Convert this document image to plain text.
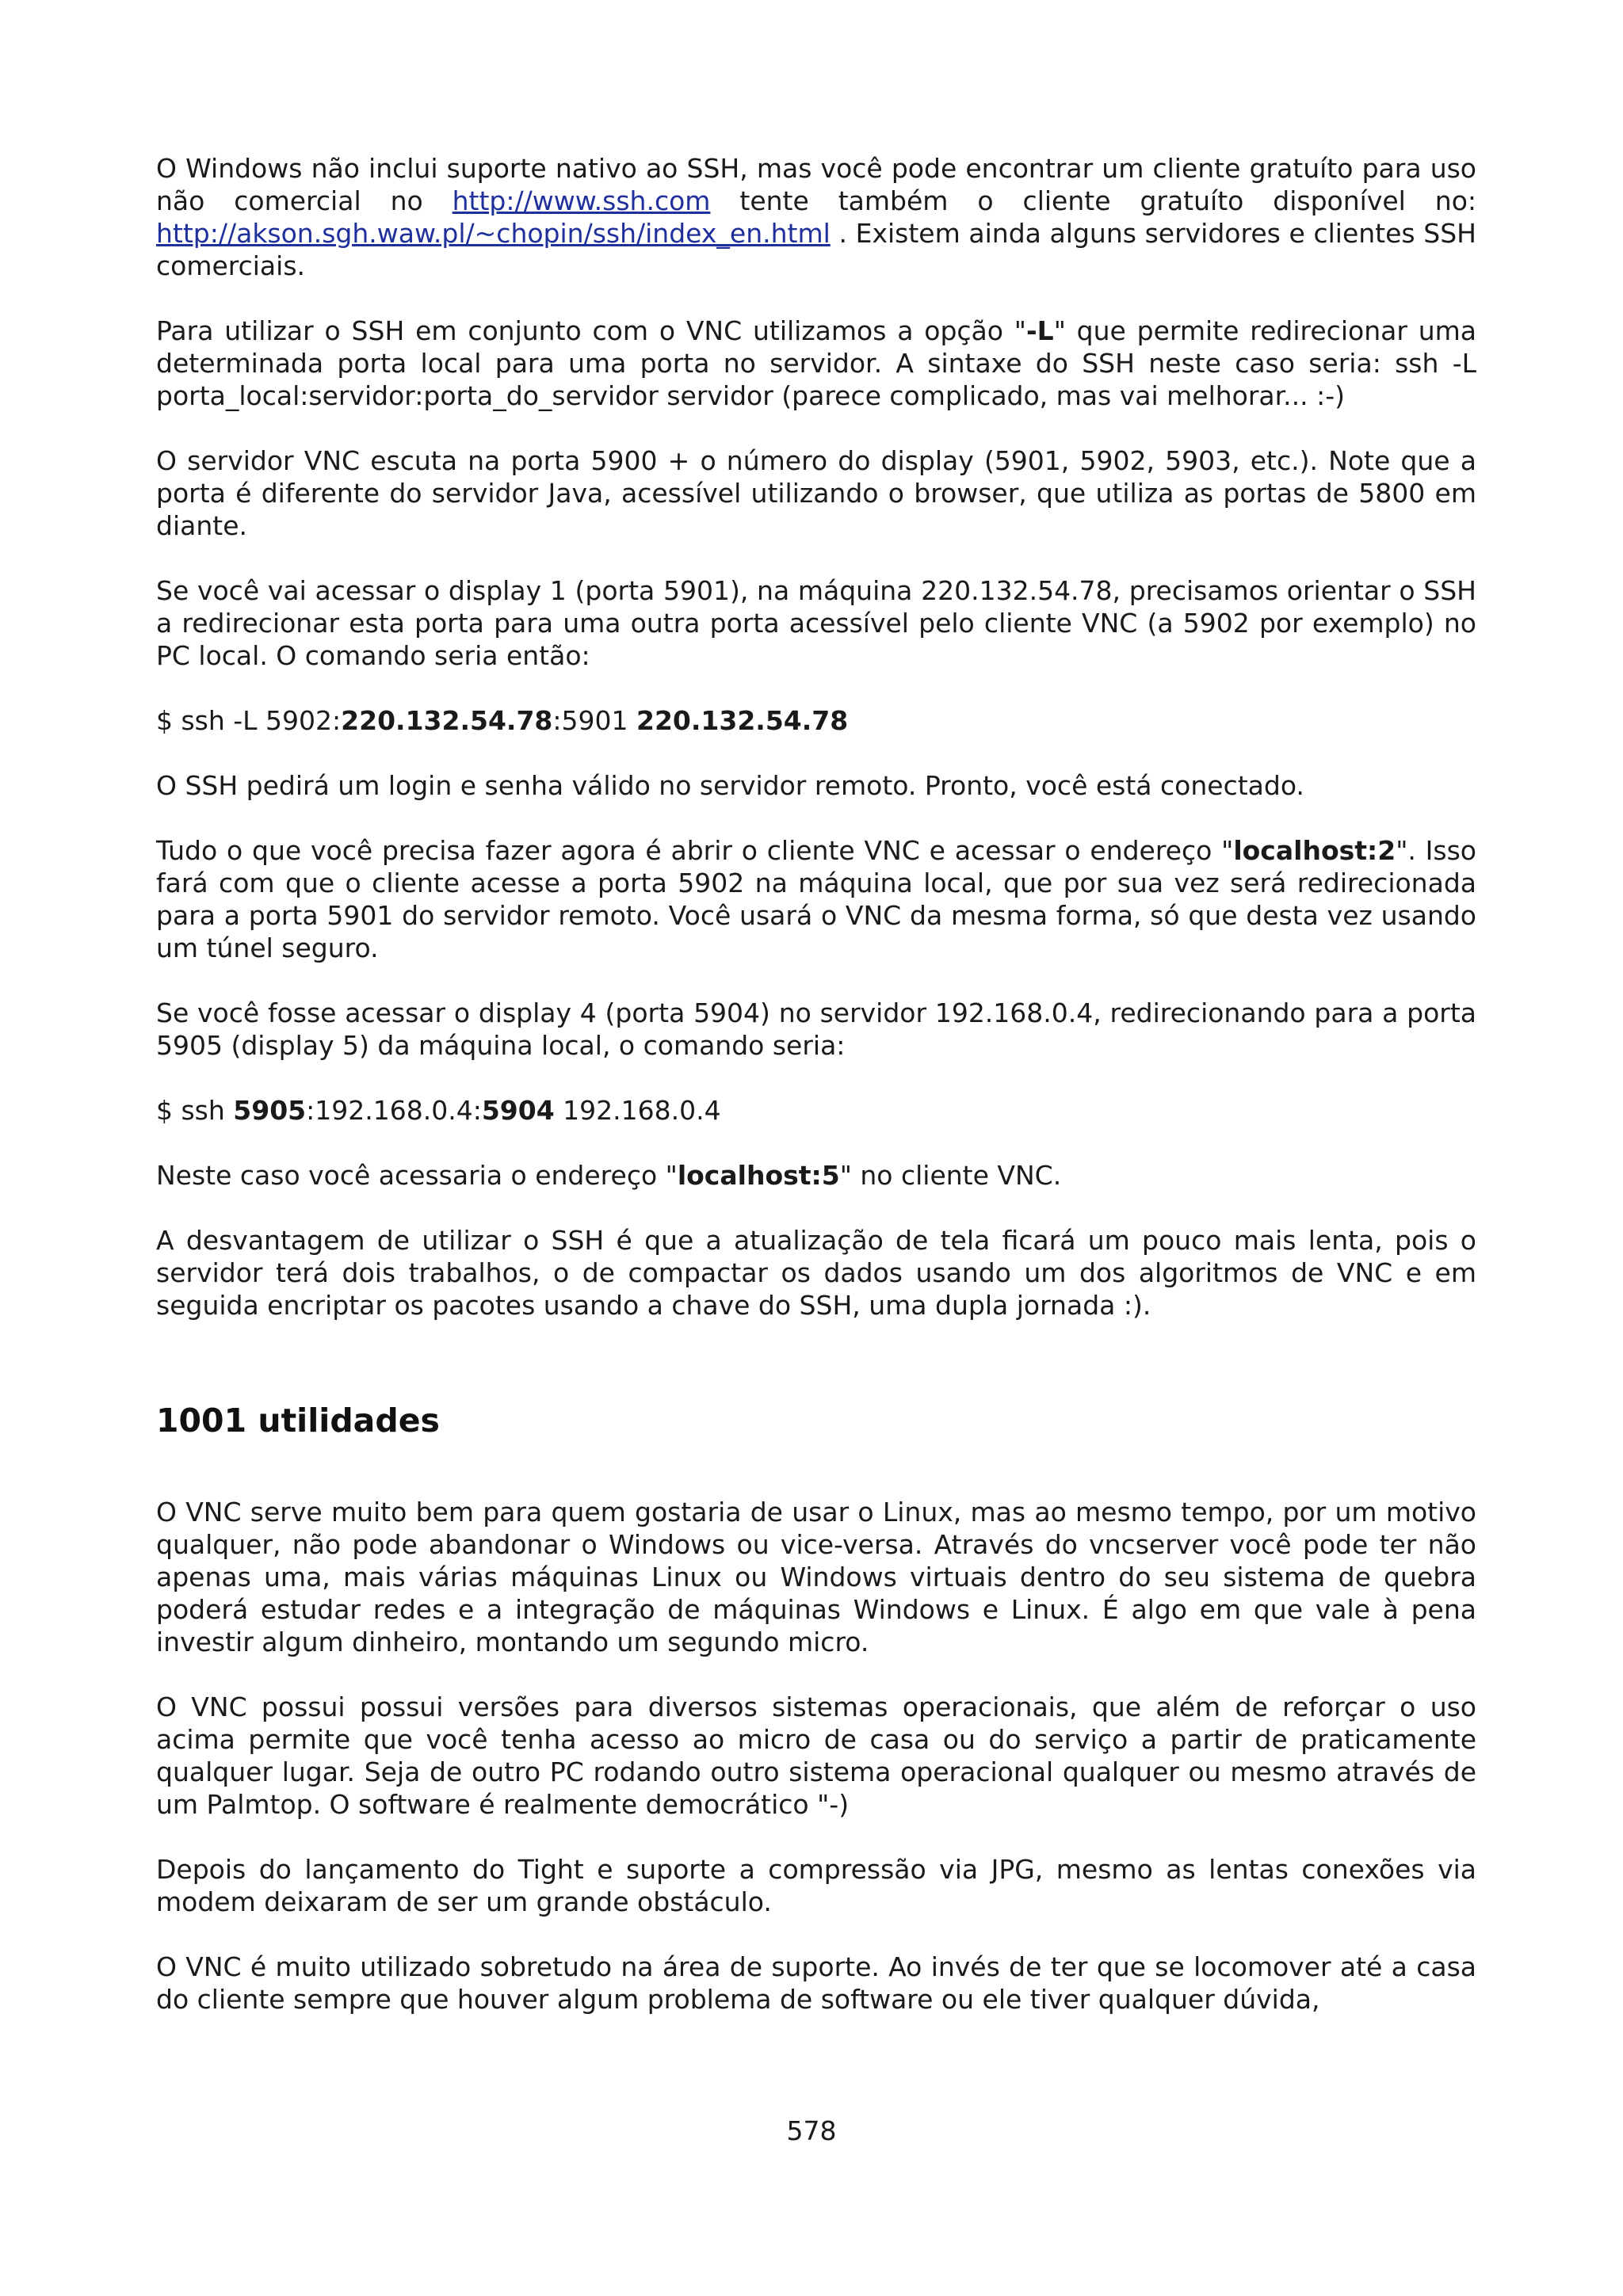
O Windows não inclui suporte nativo ao SSH, mas você pode encontrar um cliente gratuíto para uso não comercial no http://www.ssh.com tente também o cliente gratuíto disponível no: http://akson.sgh.waw.pl/~chopin/ssh/index_en.html . Existem ainda alguns servidores e clientes SSH comerciais.

Para utilizar o SSH em conjunto com o VNC utilizamos a opção "-L" que permite redirecionar uma determinada porta local para uma porta no servidor. A sintaxe do SSH neste caso seria: ssh -L porta_local:servidor:porta_do_servidor servidor (parece complicado, mas vai melhorar... :-)

O servidor VNC escuta na porta 5900 + o número do display (5901, 5902, 5903, etc.). Note que a porta é diferente do servidor Java, acessível utilizando o browser, que utiliza as portas de 5800 em diante.

Se você vai acessar o display 1 (porta 5901), na máquina 220.132.54.78, precisamos orientar o SSH a redirecionar esta porta para uma outra porta acessível pelo cliente VNC (a 5902 por exemplo) no PC local. O comando seria então:

$ ssh -L 5902:220.132.54.78:5901 220.132.54.78

O SSH pedirá um login e senha válido no servidor remoto. Pronto, você está conectado.

Tudo o que você precisa fazer agora é abrir o cliente VNC e acessar o endereço "localhost:2". Isso fará com que o cliente acesse a porta 5902 na máquina local, que por sua vez será redirecionada para a porta 5901 do servidor remoto. Você usará o VNC da mesma forma, só que desta vez usando um túnel seguro.

Se você fosse acessar o display 4 (porta 5904) no servidor 192.168.0.4, redirecionando para a porta 5905 (display 5) da máquina local, o comando seria:

$ ssh 5905:192.168.0.4:5904 192.168.0.4

Neste caso você acessaria o endereço "localhost:5" no cliente VNC.

A desvantagem de utilizar o SSH é que a atualização de tela ficará um pouco mais lenta, pois o servidor terá dois trabalhos, o de compactar os dados usando um dos algoritmos de VNC e em seguida encriptar os pacotes usando a chave do SSH, uma dupla jornada :).

1001 utilidades

O VNC serve muito bem para quem gostaria de usar o Linux, mas ao mesmo tempo, por um motivo qualquer, não pode abandonar o Windows ou vice-versa. Através do vncserver você pode ter não apenas uma, mais várias máquinas Linux ou Windows virtuais dentro do seu sistema de quebra poderá estudar redes e a integração de máquinas Windows e Linux. É algo em que vale à pena investir algum dinheiro, montando um segundo micro.

O VNC possui possui versões para diversos sistemas operacionais, que além de reforçar o uso acima permite que você tenha acesso ao micro de casa ou do serviço a partir de praticamente qualquer lugar. Seja de outro PC rodando outro sistema operacional qualquer ou mesmo através de um Palmtop. O software é realmente democrático "-)

Depois do lançamento do Tight e suporte a compressão via JPG, mesmo as lentas conexões via modem deixaram de ser um grande obstáculo.

O VNC é muito utilizado sobretudo na área de suporte. Ao invés de ter que se locomover até a casa do cliente sempre que houver algum problema de software ou ele tiver qualquer dúvida,

578
